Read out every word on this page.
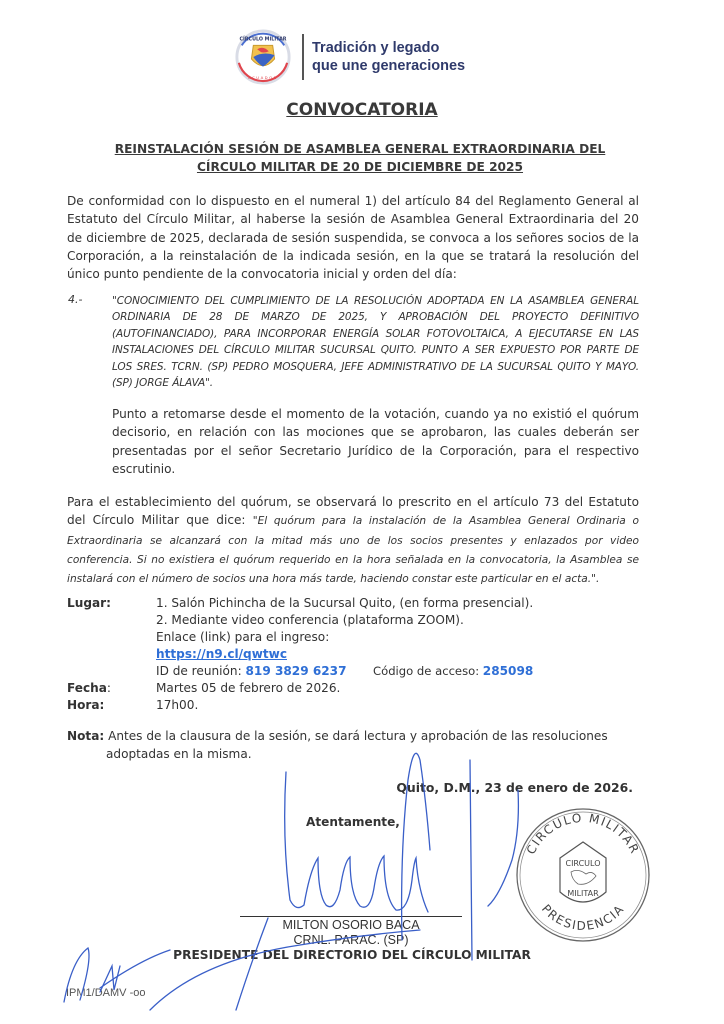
CÍRCULO MILITAR
ECUADOR
Tradición y legado
que une generaciones
CONVOCATORIA
REINSTALACIÓN SESIÓN DE ASAMBLEA GENERAL EXTRAORDINARIA DEL
CÍRCULO MILITAR DE 20 DE DICIEMBRE DE 2025
De conformidad con lo dispuesto en el numeral 1) del artículo 84 del Reglamento General al Estatuto del Círculo Militar, al haberse la sesión de Asamblea General Extraordinaria del 20 de diciembre de 2025, declarada de sesión suspendida, se convoca a los señores socios de la Corporación, a la reinstalación de la indicada sesión, en la que se tratará la resolución del único punto pendiente de la convocatoria inicial y orden del día:
4.-	"CONOCIMIENTO DEL CUMPLIMIENTO DE LA RESOLUCIÓN ADOPTADA EN LA ASAMBLEA GENERAL ORDINARIA DE 28 DE MARZO DE 2025, Y APROBACIÓN DEL PROYECTO DEFINITIVO (AUTOFINANCIADO), PARA INCORPORAR ENERGÍA SOLAR FOTOVOLTAICA, A EJECUTARSE EN LAS INSTALACIONES DEL CÍRCULO MILITAR SUCURSAL QUITO. PUNTO A SER EXPUESTO POR PARTE DE LOS SRES. TCRN. (SP) PEDRO MOSQUERA, JEFE ADMINISTRATIVO DE LA SUCURSAL QUITO Y MAYO. (SP) JORGE ÁLAVA".
Punto a retomarse desde el momento de la votación, cuando ya no existió el quórum decisorio, en relación con las mociones que se aprobaron, las cuales deberán ser presentadas por el señor Secretario Jurídico de la Corporación, para el respectivo escrutinio.
Para el establecimiento del quórum, se observará lo prescrito en el artículo 73 del Estatuto del Círculo Militar que dice: "El quórum para la instalación de la Asamblea General Ordinaria o Extraordinaria se alcanzará con la mitad más uno de los socios presentes y enlazados por video conferencia. Si no existiera el quórum requerido en la hora señalada en la convocatoria, la Asamblea se instalará con el número de socios una hora más tarde, haciendo constar este particular en el acta.".
Lugar:	1. Salón Pichincha de la Sucursal Quito, (en forma presencial).
2. Mediante video conferencia (plataforma ZOOM).
Enlace (link) para el ingreso:
https://n9.cl/qwtwc
ID de reunión: 819 3829 6237 Código de acceso: 285098
Fecha:	Martes 05 de febrero de 2026.
Hora:	17h00.
Nota: Antes de la clausura de la sesión, se dará lectura y aprobación de las resoluciones
adoptadas en la misma.
Quito, D.M., 23 de enero de 2026.
Atentamente,
MILTON OSORIO BACA
CRNL. PARAC. (SP)
PRESIDENTE DEL DIRECTORIO DEL CÍRCULO MILITAR
IPM1/DAMV -oo
CIRCULO MILITAR
PRESIDENCIA
CIRCULO
MILITAR
